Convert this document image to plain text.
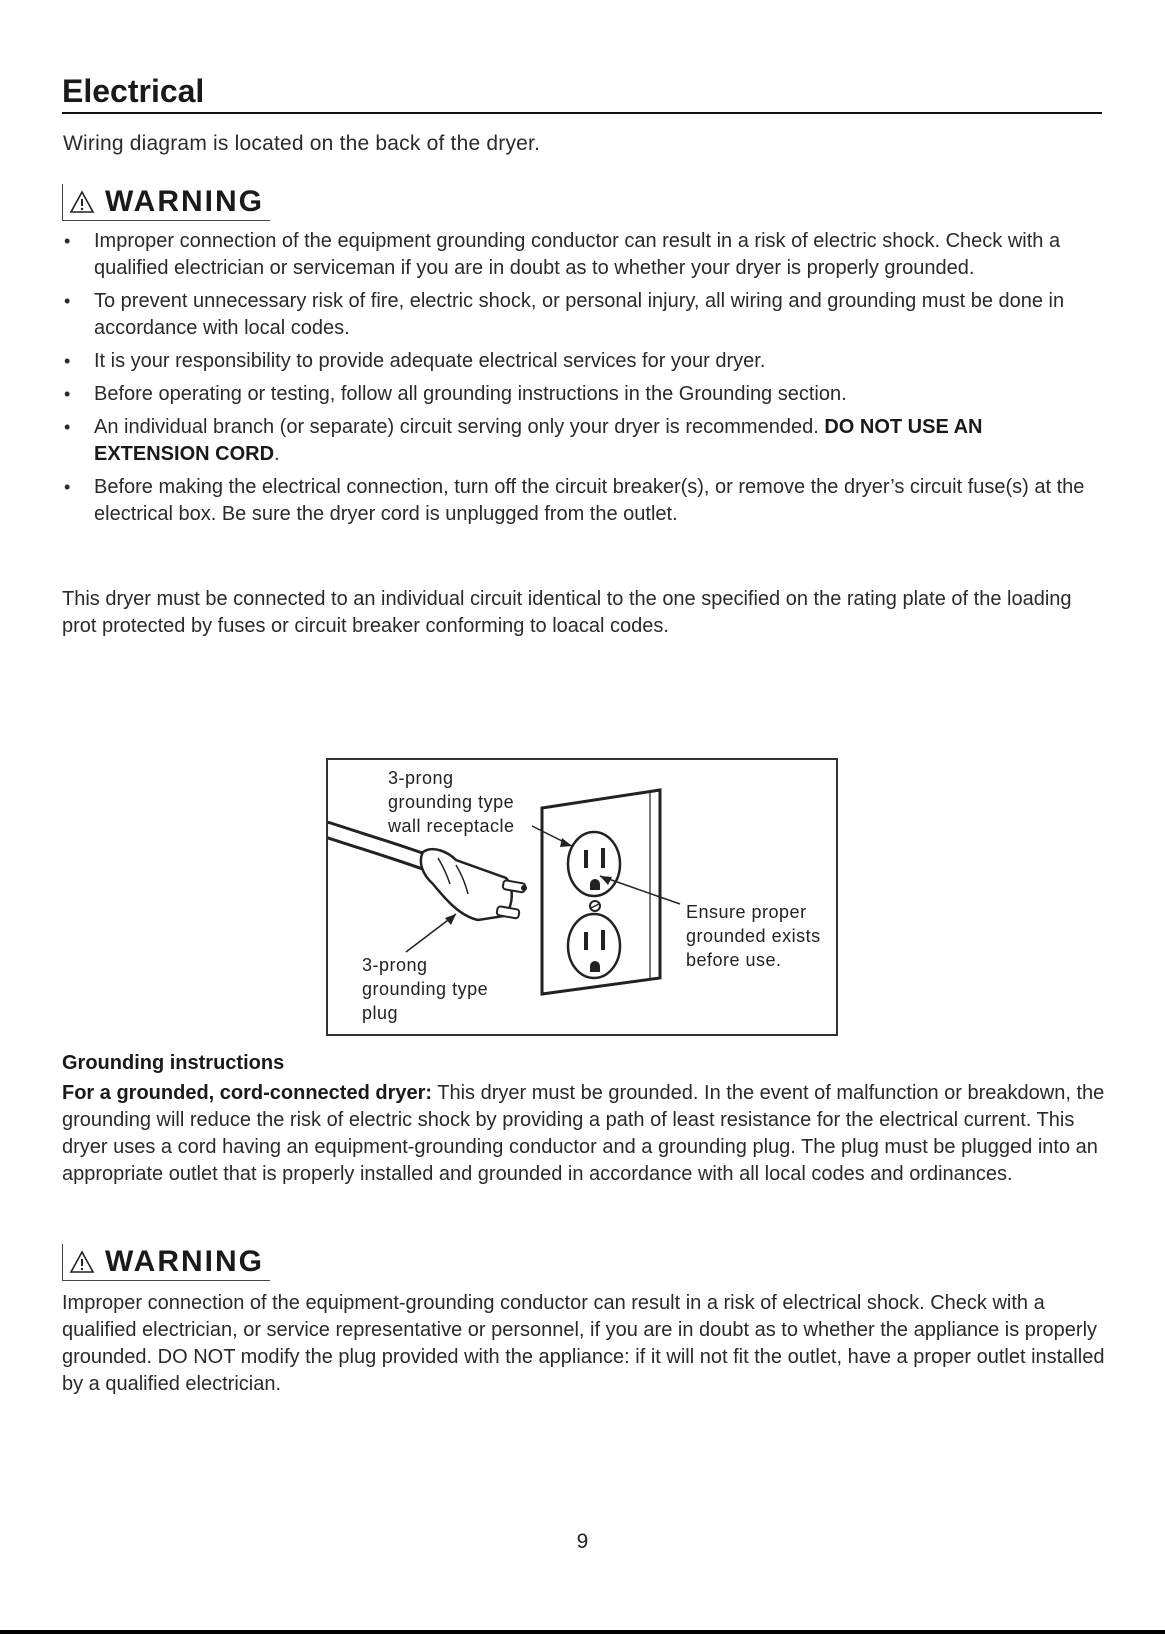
Electrical
Wiring diagram is located on the back of the dryer.
WARNING
• Improper connection of the equipment grounding conductor can result in a risk of electric shock. Check with a qualified electrician or serviceman if you are in doubt as to whether your dryer is properly grounded.
• To prevent unnecessary risk of fire, electric shock, or personal injury, all wiring and grounding must be done in accordance with local codes.
• It is your responsibility to provide adequate electrical services for your dryer.
• Before operating or testing, follow all grounding instructions in the Grounding section.
• An individual branch (or separate) circuit serving only your dryer is recommended. DO NOT USE AN EXTENSION CORD.
• Before making the electrical connection, turn off the circuit breaker(s), or remove the dryer’s circuit fuse(s) at the electrical box. Be sure the dryer cord is unplugged from the outlet.
This dryer must be connected to an individual circuit identical to the one specified on the rating plate of the loading prot protected by fuses or circuit breaker conforming to loacal codes.
3-prong
grounding type
wall receptacle
3-prong
grounding type
plug
Ensure proper
grounded exists
before use.
Grounding instructions
For a grounded, cord-connected dryer: This dryer must be grounded. In the event of malfunction or breakdown, the grounding will reduce the risk of electric shock by providing a path of least resistance for the electrical current. This dryer uses a cord having an equipment-grounding conductor and a grounding plug. The plug must be plugged into an appropriate outlet that is properly installed and grounded in accordance with all local codes and ordinances.
WARNING
Improper connection of the equipment-grounding conductor can result in a risk of electrical shock. Check with a qualified electrician, or service representative or personnel, if you are in doubt as to whether the appliance is properly grounded. DO NOT modify the plug provided with the appliance: if it will not fit the outlet, have a proper outlet installed by a qualified electrician.
9
